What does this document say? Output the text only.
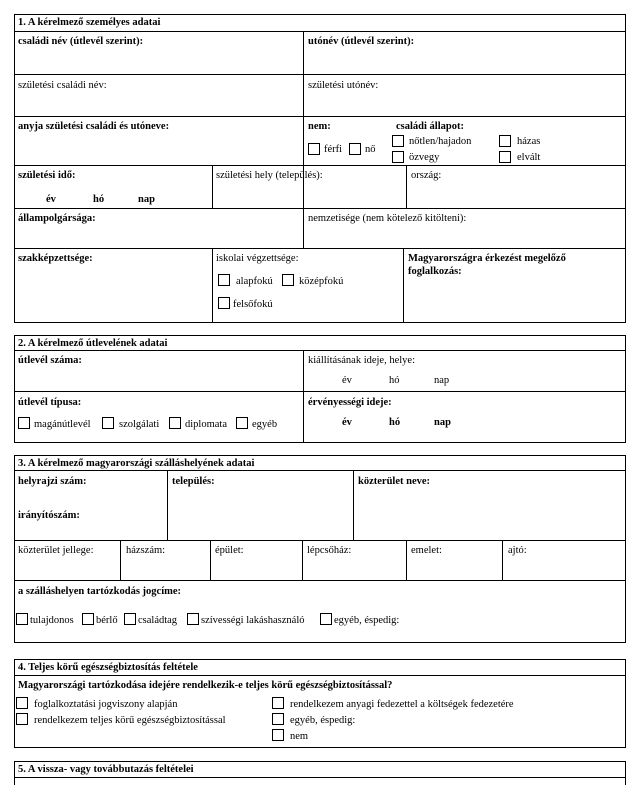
1. A kérelmező személyes adatai
családi név (útlevél szerint):	utónév (útlevél szerint):
születési családi név:	születési utónév:
anyja születési családi és utóneve:	nem:
férfi nő
családi állapot:
nőtlen/hajadon	házas
özvegy	elvált
születési idő:
év	hó	nap
születési hely (település):	ország:
állampolgársága:	nemzetisége (nem kötelező kitölteni):
szakképzettsége:	iskolai végzettsége:
alapfokú	középfokú
felsőfokú
Magyarországra érkezést megelőző
foglalkozás:
2. A kérelmező útlevelének adatai
útlevél száma:	kiállításának ideje, helye:
év	hó	nap
útlevél típusa:
magánútlevél	szolgálati diplomata egyéb
érvényességi ideje:
év	hó	nap
3. A kérelmező magyarországi szálláshelyének adatai
helyrajzi szám:
irányítószám:
település:	közterület neve:
közterület jellege:	házszám:	épület:	lépcsőház:	emelet:	ajtó:
a szálláshelyen tartózkodás jogcíme:
tulajdonos bérlő családtag szívességi lakáshasználó	egyéb, éspedig:
4. Teljes körű egészségbiztosítás feltétele
Magyarországi tartózkodása idejére rendelkezik-e teljes körű egészségbiztosítással?
foglalkoztatási jogviszony alapján
rendelkezem teljes körű egészségbiztosítással
rendelkezem anyagi fedezettel a költségek fedezetére
egyéb, éspedig:
nem
5. A vissza- vagy továbbutazás feltételei
